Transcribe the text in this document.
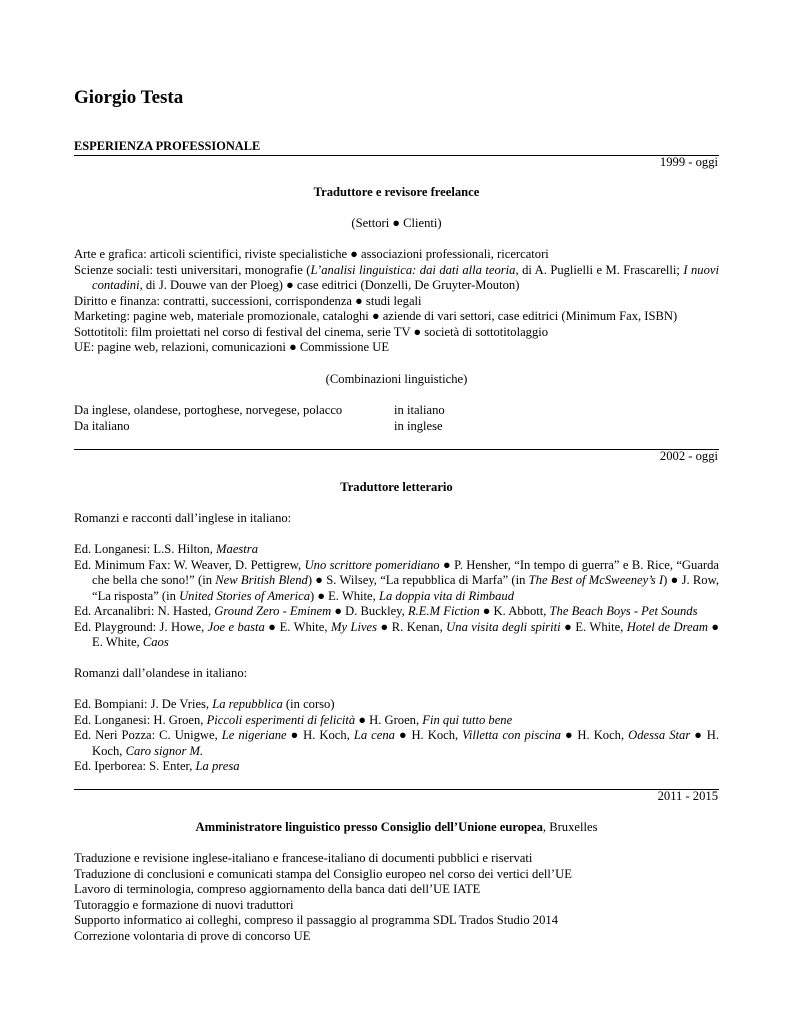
Giorgio Testa
ESPERIENZA PROFESSIONALE
1999 - oggi
Traduttore e revisore freelance
(Settori ● Clienti)

Arte e grafica: articoli scientifici, riviste specialistiche ● associazioni professionali, ricercatori

Scienze sociali: testi universitari, monografie (L’analisi linguistica: dai dati alla teoria, di A. Puglielli e M. Frascarelli; I nuovi contadini, di J. Douwe van der Ploeg) ● case editrici (Donzelli, De Gruyter-Mouton)

Diritto e finanza: contratti, successioni, corrispondenza ● studi legali

Marketing: pagine web, materiale promozionale, cataloghi ● aziende di vari settori, case editrici (Minimum Fax, ISBN)

Sottotitoli: film proiettati nel corso di festival del cinema, serie TV ● società di sottotitolaggio

UE: pagine web, relazioni, comunicazioni ● Commissione UE

(Combinazioni linguistiche)
Da inglese, olandese, portoghese, norvegese, polacco	in italiano
Da italiano	in inglese
2002 - oggi
Traduttore letterario
Romanzi e racconti dall’inglese in italiano:

Ed. Longanesi: L.S. Hilton, Maestra

Ed. Minimum Fax: W. Weaver, D. Pettigrew, Uno scrittore pomeridiano ● P. Hensher, “In tempo di guerra” e B. Rice, “Guarda che bella che sono!” (in New British Blend) ● S. Wilsey, “La repubblica di Marfa” (in The Best of McSweeney’s I) ● J. Row, “La risposta” (in United Stories of America) ● E. White, La doppia vita di Rimbaud

Ed. Arcanalibri: N. Hasted, Ground Zero - Eminem ● D. Buckley, R.E.M Fiction ● K. Abbott, The Beach Boys - Pet Sounds

Ed. Playground: J. Howe, Joe e basta ● E. White, My Lives ● R. Kenan, Una visita degli spiriti ● E. White, Hotel de Dream ● E. White, Caos

Romanzi dall’olandese in italiano:

Ed. Bompiani: J. De Vries, La repubblica (in corso)

Ed. Longanesi: H. Groen, Piccoli esperimenti di felicità ● H. Groen, Fin qui tutto bene

Ed. Neri Pozza: C. Unigwe, Le nigeriane ● H. Koch, La cena ● H. Koch, Villetta con piscina ● H. Koch, Odessa Star ● H. Koch, Caro signor M.

Ed. Iperborea: S. Enter, La presa

2011 - 2015
Amministratore linguistico presso Consiglio dell’Unione europea, Bruxelles

Traduzione e revisione inglese-italiano e francese-italiano di documenti pubblici e riservati

Traduzione di conclusioni e comunicati stampa del Consiglio europeo nel corso dei vertici dell’UE

Lavoro di terminologia, compreso aggiornamento della banca dati dell’UE IATE

Tutoraggio e formazione di nuovi traduttori

Supporto informatico ai colleghi, compreso il passaggio al programma SDL Trados Studio 2014

Correzione volontaria di prove di concorso UE
